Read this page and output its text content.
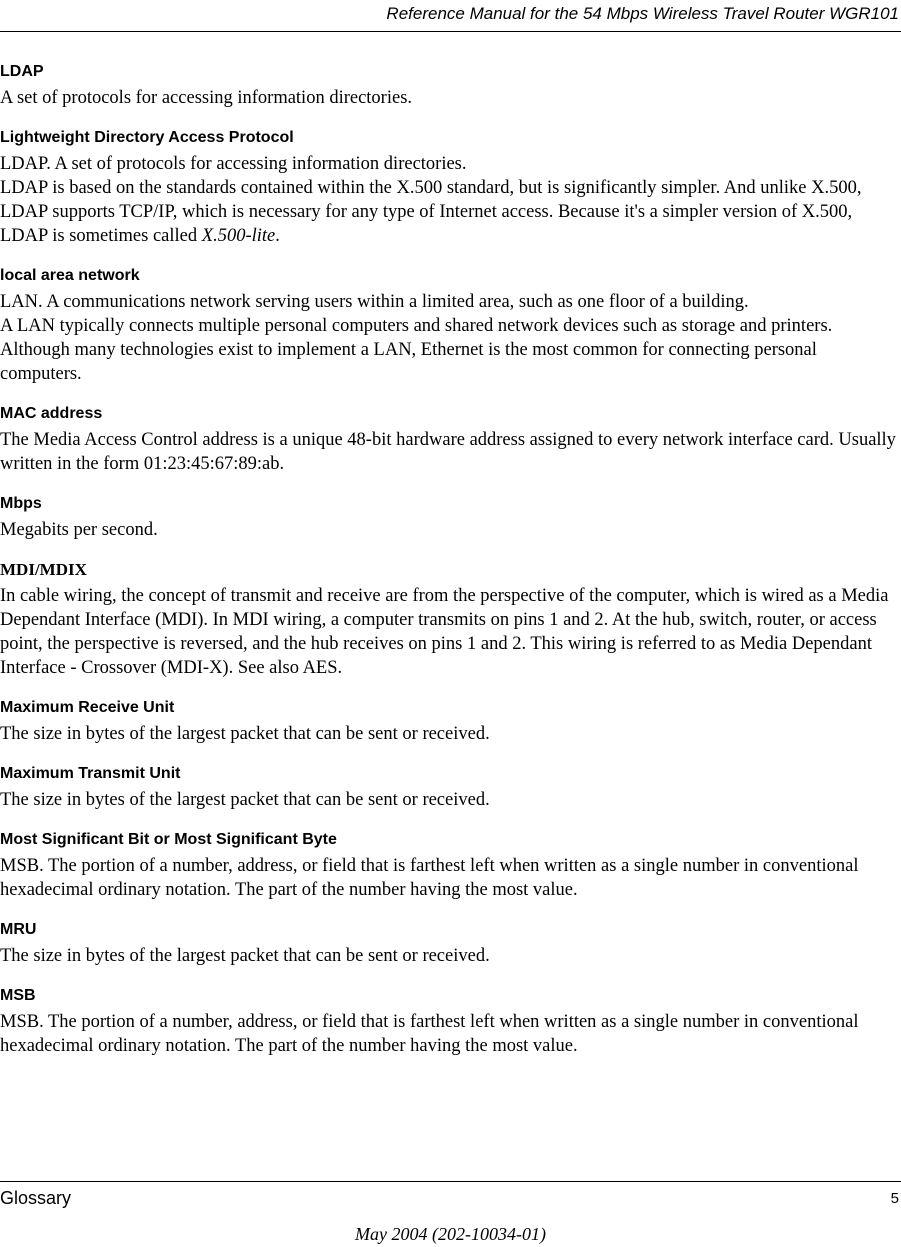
Reference Manual for the 54 Mbps Wireless Travel Router WGR101
LDAP

A set of protocols for accessing information directories.

Lightweight Directory Access Protocol

LDAP. A set of protocols for accessing information directories.

LDAP is based on the standards contained within the X.500 standard, but is significantly simpler. And unlike X.500, LDAP supports TCP/IP, which is necessary for any type of Internet access. Because it's a simpler version of X.500, LDAP is sometimes called X.500-lite.

local area network

LAN. A communications network serving users within a limited area, such as one floor of a building.

A LAN typically connects multiple personal computers and shared network devices such as storage and printers. Although many technologies exist to implement a LAN, Ethernet is the most common for connecting personal computers.

MAC address

The Media Access Control address is a unique 48-bit hardware address assigned to every network interface card. Usually written in the form 01:23:45:67:89:ab.

Mbps

Megabits per second.

MDI/MDIX

In cable wiring, the concept of transmit and receive are from the perspective of the computer, which is wired as a Media Dependant Interface (MDI). In MDI wiring, a computer transmits on pins 1 and 2. At the hub, switch, router, or access point, the perspective is reversed, and the hub receives on pins 1 and 2. This wiring is referred to as Media Dependant Interface - Crossover (MDI-X). See also AES.

Maximum Receive Unit

The size in bytes of the largest packet that can be sent or received.

Maximum Transmit Unit

The size in bytes of the largest packet that can be sent or received.

Most Significant Bit or Most Significant Byte

MSB. The portion of a number, address, or field that is farthest left when written as a single number in conventional hexadecimal ordinary notation. The part of the number having the most value.

MRU

The size in bytes of the largest packet that can be sent or received.

MSB

MSB. The portion of a number, address, or field that is farthest left when written as a single number in conventional hexadecimal ordinary notation. The part of the number having the most value.

Glossary	5
May 2004 (202-10034-01)
